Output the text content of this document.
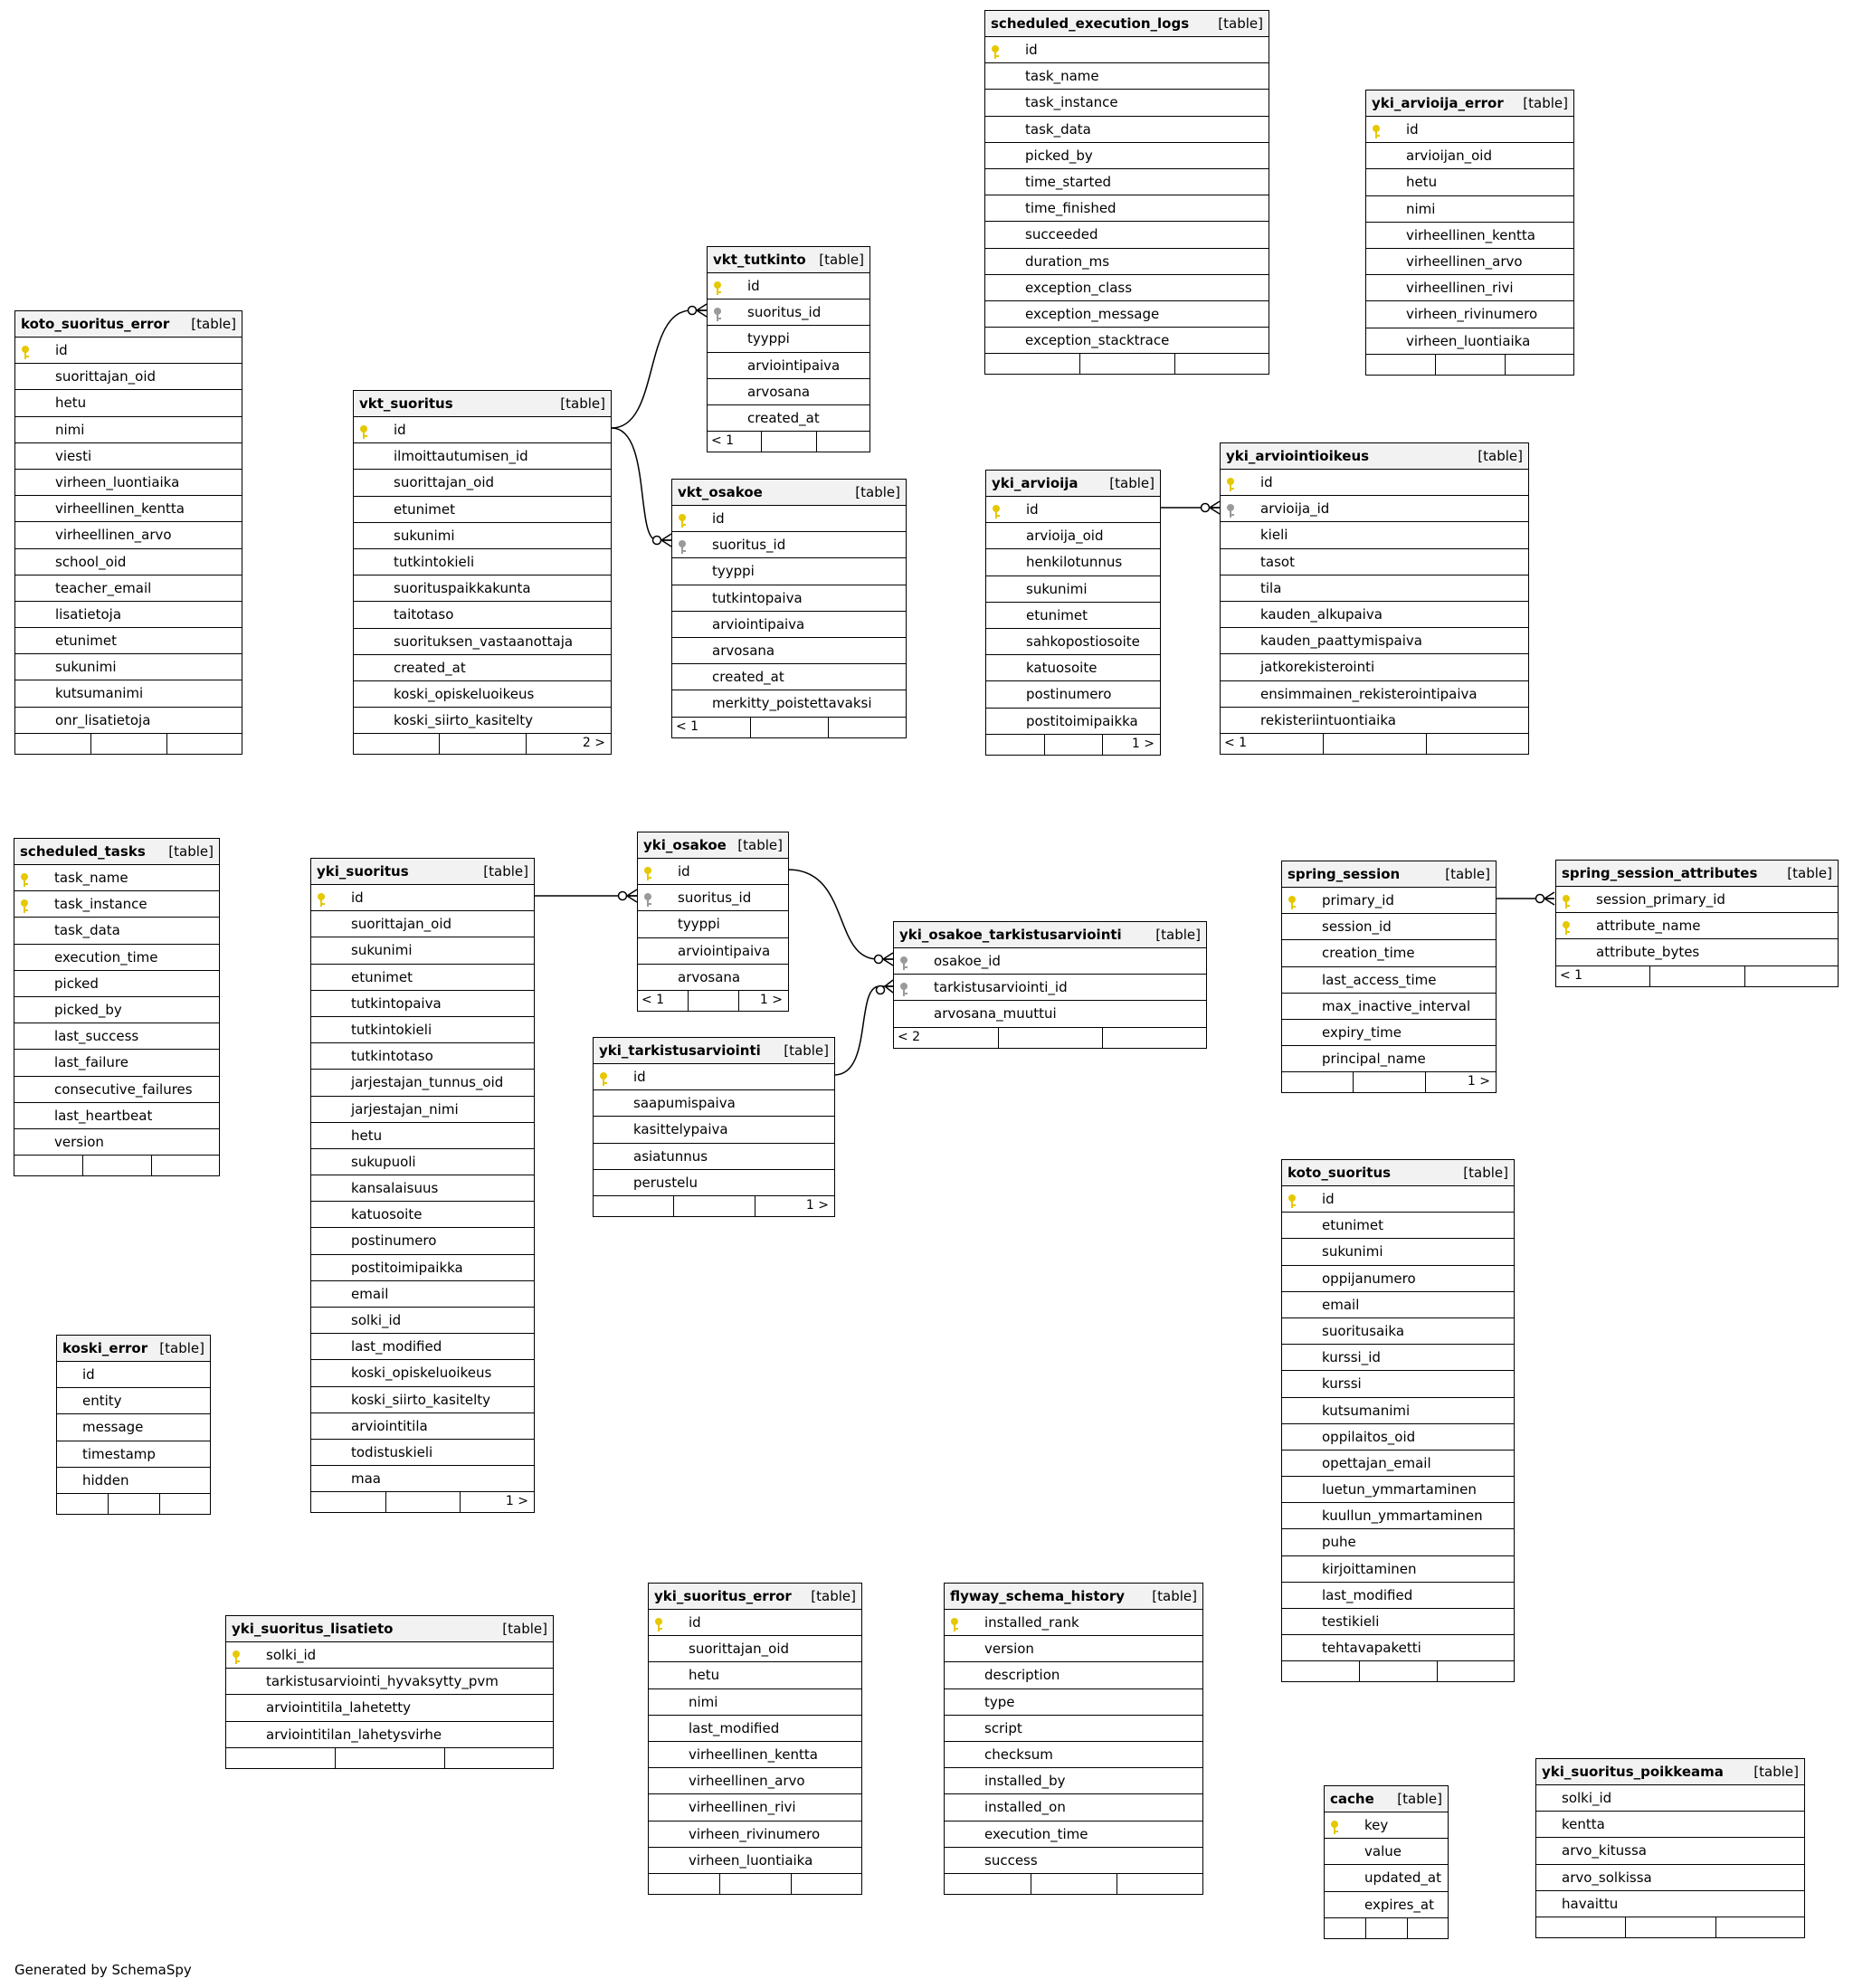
Generated by SchemaSpy
scheduled_execution_logs [table]
id
task_name
task_instance
task_data
picked_by
time_started
time_finished
succeeded
duration_ms
exception_class
exception_message
exception_stacktrace
yki_arvioija_error [table]
id
arvioijan_oid
hetu
nimi
virheellinen_kentta
virheellinen_arvo
virheellinen_rivi
virheen_rivinumero
virheen_luontiaika
vkt_tutkinto [table]
id
suoritus_id
tyyppi
arviointipaiva
arvosana
created_at
< 1
koto_suoritus_error [table]
id
suorittajan_oid
hetu
nimi
viesti
virheen_luontiaika
virheellinen_kentta
virheellinen_arvo
school_oid
teacher_email
lisatietoja
etunimet
sukunimi
kutsumanimi
onr_lisatietoja
vkt_suoritus	[table]
id
ilmoittautumisen_id
suorittajan_oid
etunimet
sukunimi
tutkintokieli
suorituspaikkakunta
taitotaso
suorituksen_vastaanottaja
created_at
koski_opiskeluoikeus
koski_siirto_kasitelty
2 >
vkt_osakoe	[table]
id
suoritus_id
tyyppi
tutkintopaiva
arviointipaiva
arvosana
created_at
merkitty_poistettavaksi
< 1
yki_arvioija [table]
id
arvioija_oid
henkilotunnus
sukunimi
etunimet
sahkopostiosoite
katuosoite
postinumero
postitoimipaikka
1 >
yki_arviointioikeus	[table]
id
arvioija_id
kieli
tasot
tila
kauden_alkupaiva
kauden_paattymispaiva
jatkorekisterointi
ensimmainen_rekisterointipaiva
rekisteriintuontiaika
< 1
scheduled_tasks [table]
task_name
task_instance
task_data
execution_time
picked
picked_by
last_success
last_failure
consecutive_failures
last_heartbeat
version
yki_suoritus	[table]
id
suorittajan_oid
sukunimi
etunimet
tutkintopaiva
tutkintokieli
tutkintotaso
jarjestajan_tunnus_oid
jarjestajan_nimi
hetu
sukupuoli
kansalaisuus
katuosoite
postinumero
postitoimipaikka
email
solki_id
last_modified
koski_opiskeluoikeus
koski_siirto_kasitelty
arviointitila
todistuskieli
maa
1 >
yki_osakoe [table]
id
suoritus_id
tyyppi
arviointipaiva
arvosana
< 1	1 >
yki_osakoe_tarkistusarviointi	[table]
osakoe_id
tarkistusarviointi_id
arvosana_muuttui
< 2
yki_tarkistusarviointi [table]
id
saapumispaiva
kasittelypaiva
asiatunnus
perustelu
1 >
spring_session	[table]
primary_id
session_id
creation_time
last_access_time
max_inactive_interval
expiry_time
principal_name
1 >
spring_session_attributes [table]
session_primary_id
attribute_name
attribute_bytes
< 1
koto_suoritus	[table]
id
etunimet
sukunimi
oppijanumero
email
suoritusaika
kurssi_id
kurssi
kutsumanimi
oppilaitos_oid
opettajan_email
luetun_ymmartaminen
kuullun_ymmartaminen
puhe
kirjoittaminen
last_modified
testikieli
tehtavapaketti
koski_error [table]
id
entity
message
timestamp
hidden
yki_suoritus_lisatieto	[table]
solki_id
tarkistusarviointi_hyvaksytty_pvm
arviointitila_lahetetty
arviointitilan_lahetysvirhe
yki_suoritus_error [table]
id
suorittajan_oid
hetu
nimi
last_modified
virheellinen_kentta
virheellinen_arvo
virheellinen_rivi
virheen_rivinumero
virheen_luontiaika
flyway_schema_history [table]
installed_rank
version
description
type
script
checksum
installed_by
installed_on
execution_time
success
cache [table]
key
value
updated_at
expires_at
yki_suoritus_poikkeama [table]
solki_id
kentta
arvo_kitussa
arvo_solkissa
havaittu
